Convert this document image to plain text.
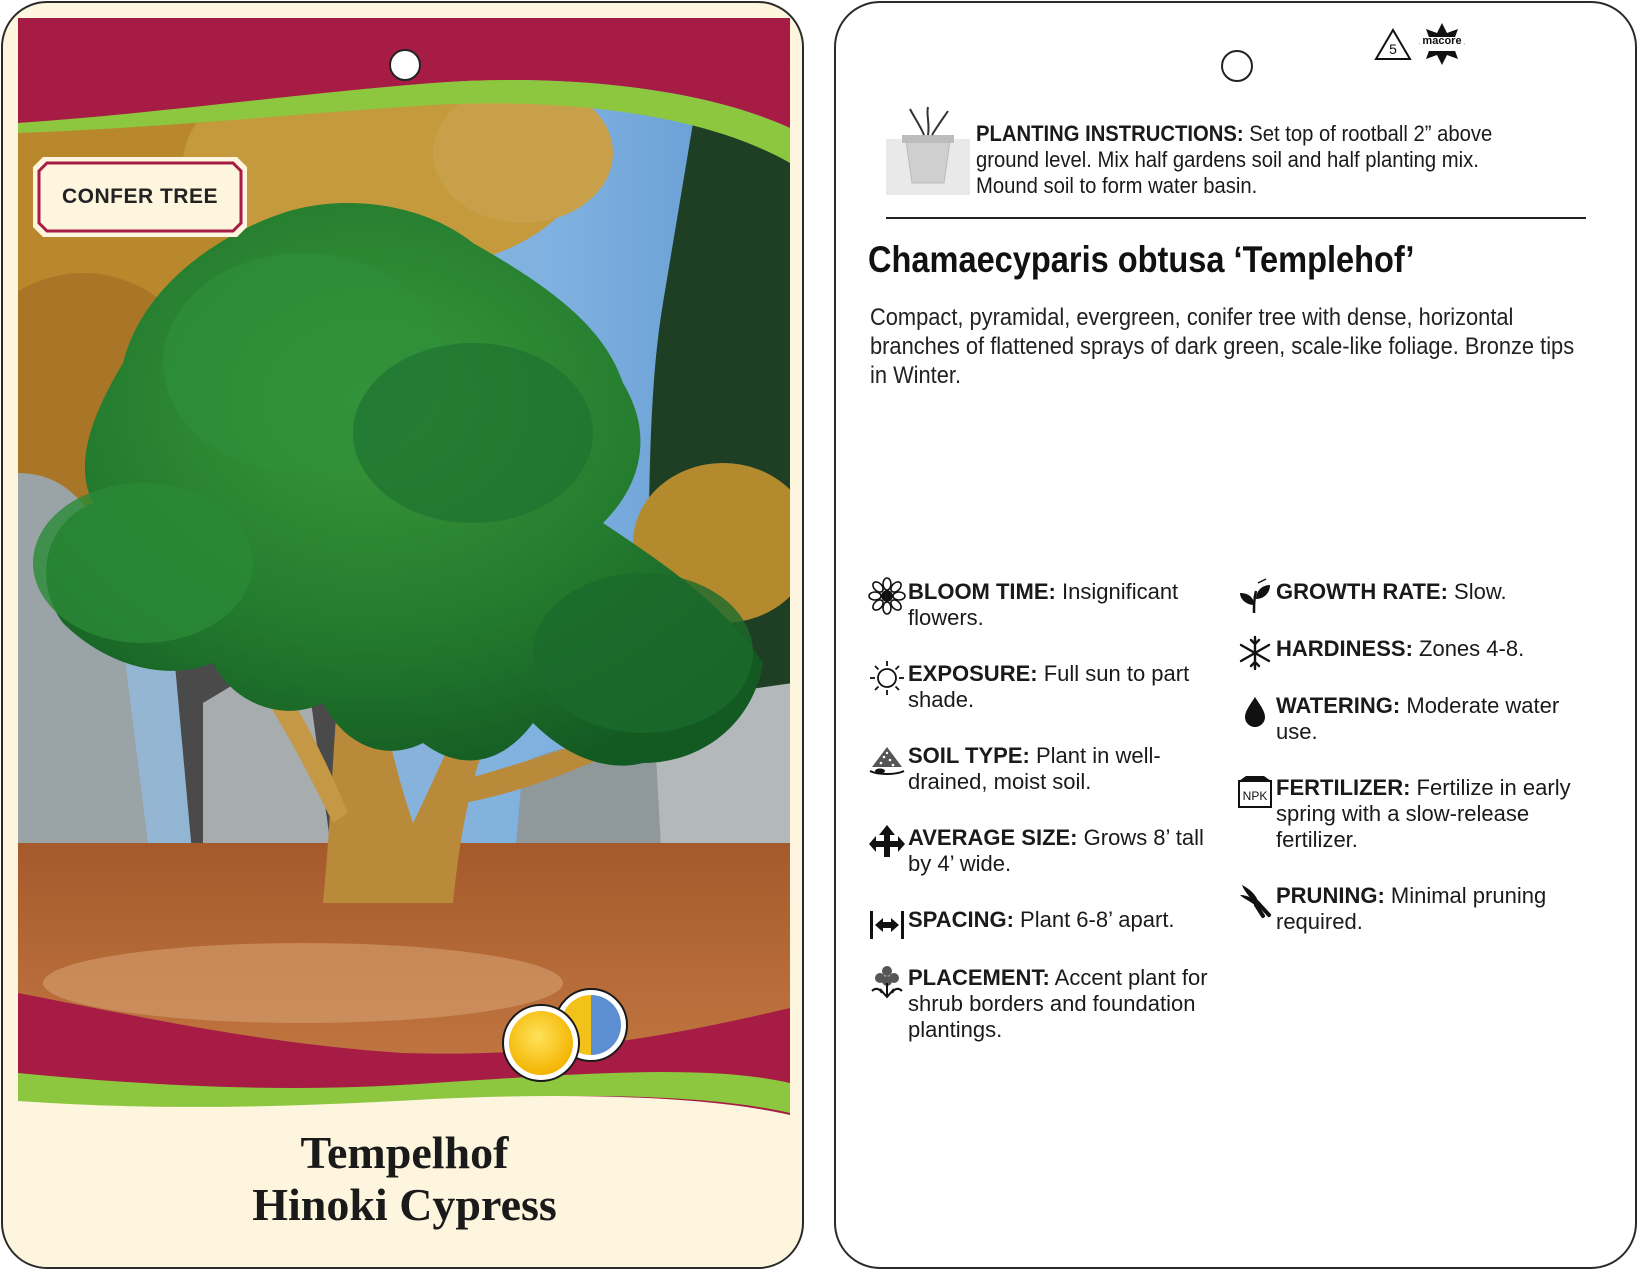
CONFER TREE
Tempelhof
Hinoki Cypress
5	macore
PLANTING INSTRUCTIONS: Set top of rootball 2” above ground level. Mix half gardens soil and half planting mix. Mound soil to form water basin.
Chamaecyparis obtusa ‘Templehof’
Compact, pyramidal, evergreen, conifer tree with dense, horizontal branches of flattened sprays of dark green, scale-like foliage. Bronze tips in Winter.
BLOOM TIME: Insignificant flowers.
EXPOSURE: Full sun to part shade.
SOIL TYPE: Plant in well-drained, moist soil.
AVERAGE SIZE: Grows 8’ tall by 4’ wide.
SPACING: Plant 6-8’ apart.
PLACEMENT: Accent plant for shrub borders and foundation plantings.
GROWTH RATE: Slow.
HARDINESS: Zones 4-8.
WATERING: Moderate water use.
NPK FERTILIZER: Fertilize in early spring with a slow-release fertilizer.
PRUNING: Minimal pruning required.
